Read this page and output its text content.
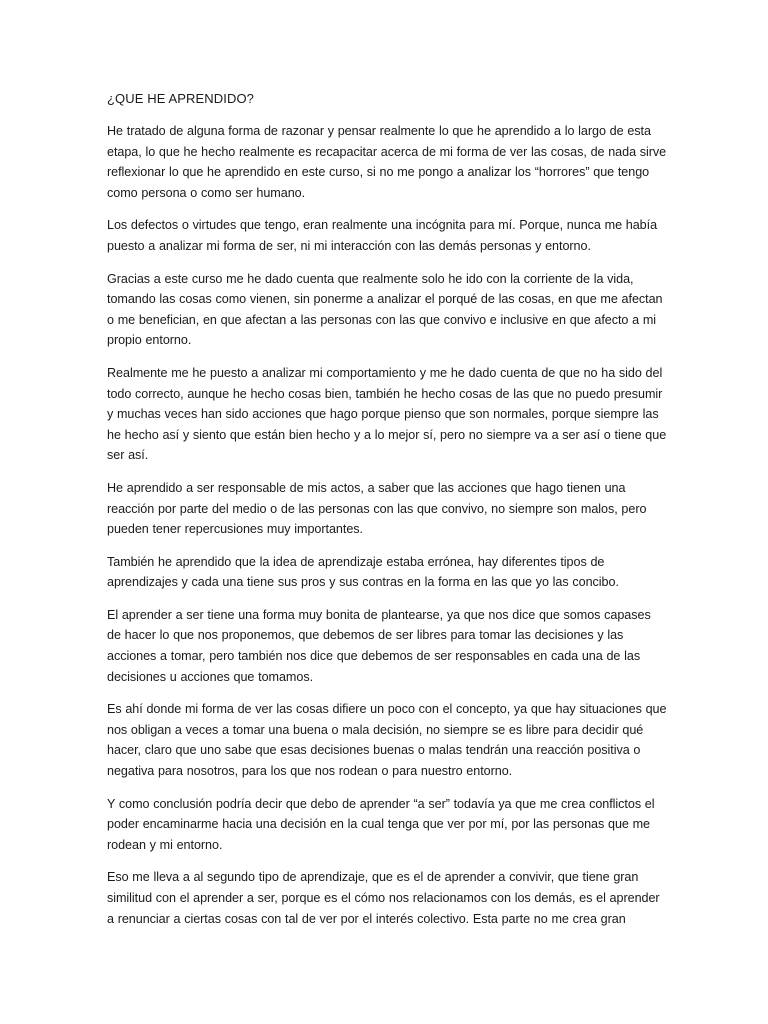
¿QUE HE APRENDIDO?

He tratado de alguna forma de razonar y pensar realmente lo que he aprendido a lo largo de esta etapa, lo que he hecho realmente es recapacitar acerca de mi forma de ver las cosas, de nada sirve reflexionar lo que he aprendido en este curso, si no me pongo a analizar los “horrores” que tengo como persona o como ser humano.

Los defectos o virtudes que tengo, eran realmente una incógnita para mí. Porque, nunca me había puesto a analizar mi forma de ser, ni mi interacción con las demás personas y entorno.

Gracias a este curso me he dado cuenta que realmente solo he ido con la corriente de la vida, tomando las cosas como vienen, sin ponerme a analizar el porqué de las cosas, en que me afectan o me benefician, en que afectan a las personas con las que convivo e inclusive en que afecto a mi propio entorno.

Realmente me he puesto a analizar mi comportamiento y me he dado cuenta de que no ha sido del todo correcto, aunque he hecho cosas bien, también he hecho cosas de las que no puedo presumir y muchas veces han sido acciones que hago porque pienso que son normales, porque siempre las he hecho así y siento que están bien hecho y a lo mejor sí, pero no siempre va a ser así o tiene que ser así.

He aprendido a ser responsable de mis actos, a saber que las acciones que hago tienen una reacción por parte del medio o de las personas con las que convivo, no siempre son malos, pero pueden tener repercusiones muy importantes.

También he aprendido que la idea de aprendizaje estaba errónea, hay diferentes tipos de aprendizajes y cada una tiene sus pros y sus contras en la forma en las que yo las concibo.

El aprender a ser tiene una forma muy bonita de plantearse, ya que nos dice que somos capases de hacer lo que nos proponemos, que debemos de ser libres para tomar las decisiones y las acciones a tomar, pero también nos dice que debemos de ser responsables en cada una de las decisiones u acciones que tomamos.

Es ahí donde mi forma de ver las cosas difiere un poco con el concepto, ya que hay situaciones que nos obligan a veces a tomar una buena o mala decisión, no siempre se es libre para decidir qué hacer, claro que uno sabe que esas decisiones buenas o malas tendrán una reacción positiva o negativa para nosotros, para los que nos rodean o para nuestro entorno.

Y como conclusión podría decir que debo de aprender “a ser” todavía ya que me crea conflictos el poder encaminarme hacia una decisión en la cual tenga que ver por mí, por las personas que me rodean y mi entorno.

Eso me lleva a al segundo tipo de aprendizaje, que es el de aprender a convivir, que tiene gran similitud con el aprender a ser, porque es el cómo nos relacionamos con los demás, es el aprender a renunciar a ciertas cosas con tal de ver por el interés colectivo. Esta parte no me crea gran
